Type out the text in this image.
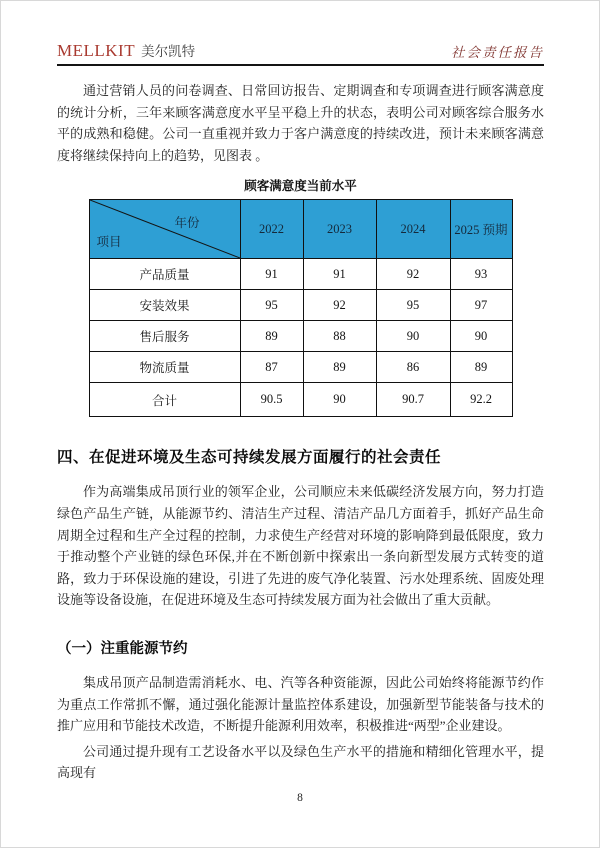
MELLKIT 美尔凯特	社会责任报告

通过营销人员的问卷调查、日常回访报告、定期调查和专项调查进行顾客满意度的统计分析，三年来顾客满意度水平呈平稳上升的状态，表明公司对顾客综合服务水平的成熟和稳健。公司一直重视并致力于客户满意度的持续改进，预计未来顾客满意度将继续保持向上的趋势，见图表 。

顾客满意度当前水平
年份
项目	2022	2023	2024	2025 预期
产品质量	91	91	92	93
安装效果	95	92	95	97
售后服务	89	88	90	90
物流质量	87	89	86	89
合计	90.5	90	90.7	92.2
四、在促进环境及生态可持续发展方面履行的社会责任

作为高端集成吊顶行业的领军企业，公司顺应未来低碳经济发展方向，努力打造绿色产品生产链，从能源节约、清洁生产过程、清洁产品几方面着手，抓好产品生命周期全过程和生产全过程的控制，力求使生产经营对环境的影响降到最低限度，致力于推动整个产业链的绿色环保,并在不断创新中探索出一条向新型发展方式转变的道路，致力于环保设施的建设，引进了先进的废气净化装置、污水处理系统、固废处理设施等设备设施，在促进环境及生态可持续发展方面为社会做出了重大贡献。

（一）注重能源节约

集成吊顶产品制造需消耗水、电、汽等各种资能源，因此公司始终将能源节约作为重点工作常抓不懈，通过强化能源计量监控体系建设，加强新型节能装备与技术的推广应用和节能技术改造，不断提升能源利用效率，积极推进“两型”企业建设。

公司通过提升现有工艺设备水平以及绿色生产水平的措施和精细化管理水平，提高现有

8
